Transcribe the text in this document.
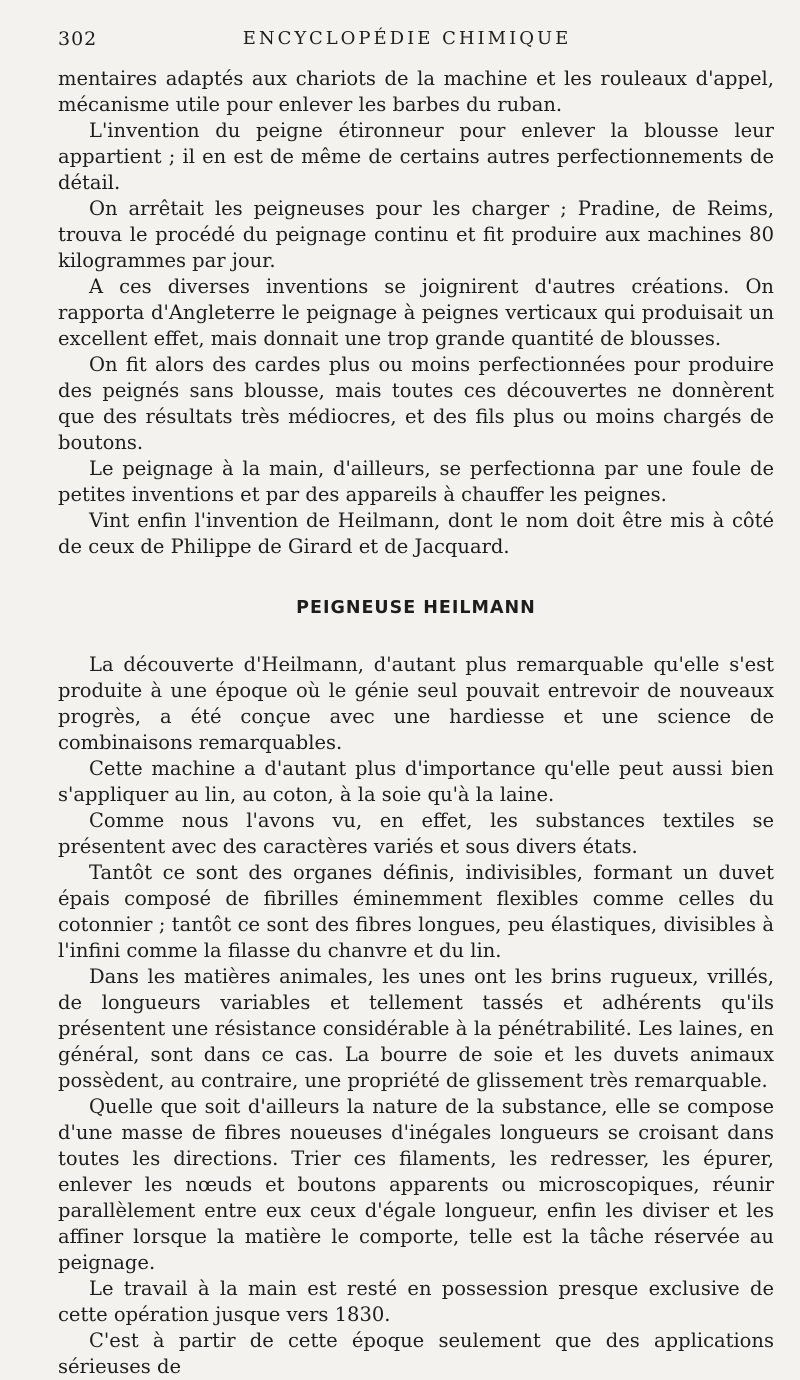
302	ENCYCLOPÉDIE CHIMIQUE

mentaires adaptés aux chariots de la machine et les rouleaux d'appel, mécanisme utile pour enlever les barbes du ruban.

L'invention du peigne étironneur pour enlever la blousse leur appartient ; il en est de même de certains autres perfectionnements de détail.

On arrêtait les peigneuses pour les charger ; Pradine, de Reims, trouva le procédé du peignage continu et fit produire aux machines 80 kilogrammes par jour.

A ces diverses inventions se joignirent d'autres créations. On rapporta d'Angleterre le peignage à peignes verticaux qui produisait un excellent effet, mais donnait une trop grande quantité de blousses.

On fit alors des cardes plus ou moins perfectionnées pour produire des peignés sans blousse, mais toutes ces découvertes ne donnèrent que des résultats très médiocres, et des fils plus ou moins chargés de boutons.

Le peignage à la main, d'ailleurs, se perfectionna par une foule de petites inventions et par des appareils à chauffer les peignes.

Vint enfin l'invention de Heilmann, dont le nom doit être mis à côté de ceux de Philippe de Girard et de Jacquard.

PEIGNEUSE HEILMANN

La découverte d'Heilmann, d'autant plus remarquable qu'elle s'est produite à une époque où le génie seul pouvait entrevoir de nouveaux progrès, a été conçue avec une hardiesse et une science de combinaisons remarquables.

Cette machine a d'autant plus d'importance qu'elle peut aussi bien s'appliquer au lin, au coton, à la soie qu'à la laine.

Comme nous l'avons vu, en effet, les substances textiles se présentent avec des caractères variés et sous divers états.

Tantôt ce sont des organes définis, indivisibles, formant un duvet épais composé de fibrilles éminemment flexibles comme celles du cotonnier ; tantôt ce sont des fibres longues, peu élastiques, divisibles à l'infini comme la filasse du chanvre et du lin.

Dans les matières animales, les unes ont les brins rugueux, vrillés, de longueurs variables et tellement tassés et adhérents qu'ils présentent une résistance considérable à la pénétrabilité. Les laines, en général, sont dans ce cas. La bourre de soie et les duvets animaux possèdent, au contraire, une propriété de glissement très remarquable.

Quelle que soit d'ailleurs la nature de la substance, elle se compose d'une masse de fibres noueuses d'inégales longueurs se croisant dans toutes les directions. Trier ces filaments, les redresser, les épurer, enlever les nœuds et boutons apparents ou microscopiques, réunir parallèlement entre eux ceux d'égale longueur, enfin les diviser et les affiner lorsque la matière le comporte, telle est la tâche réservée au peignage.

Le travail à la main est resté en possession presque exclusive de cette opération jusque vers 1830.

C'est à partir de cette époque seulement que des applications sérieuses de
